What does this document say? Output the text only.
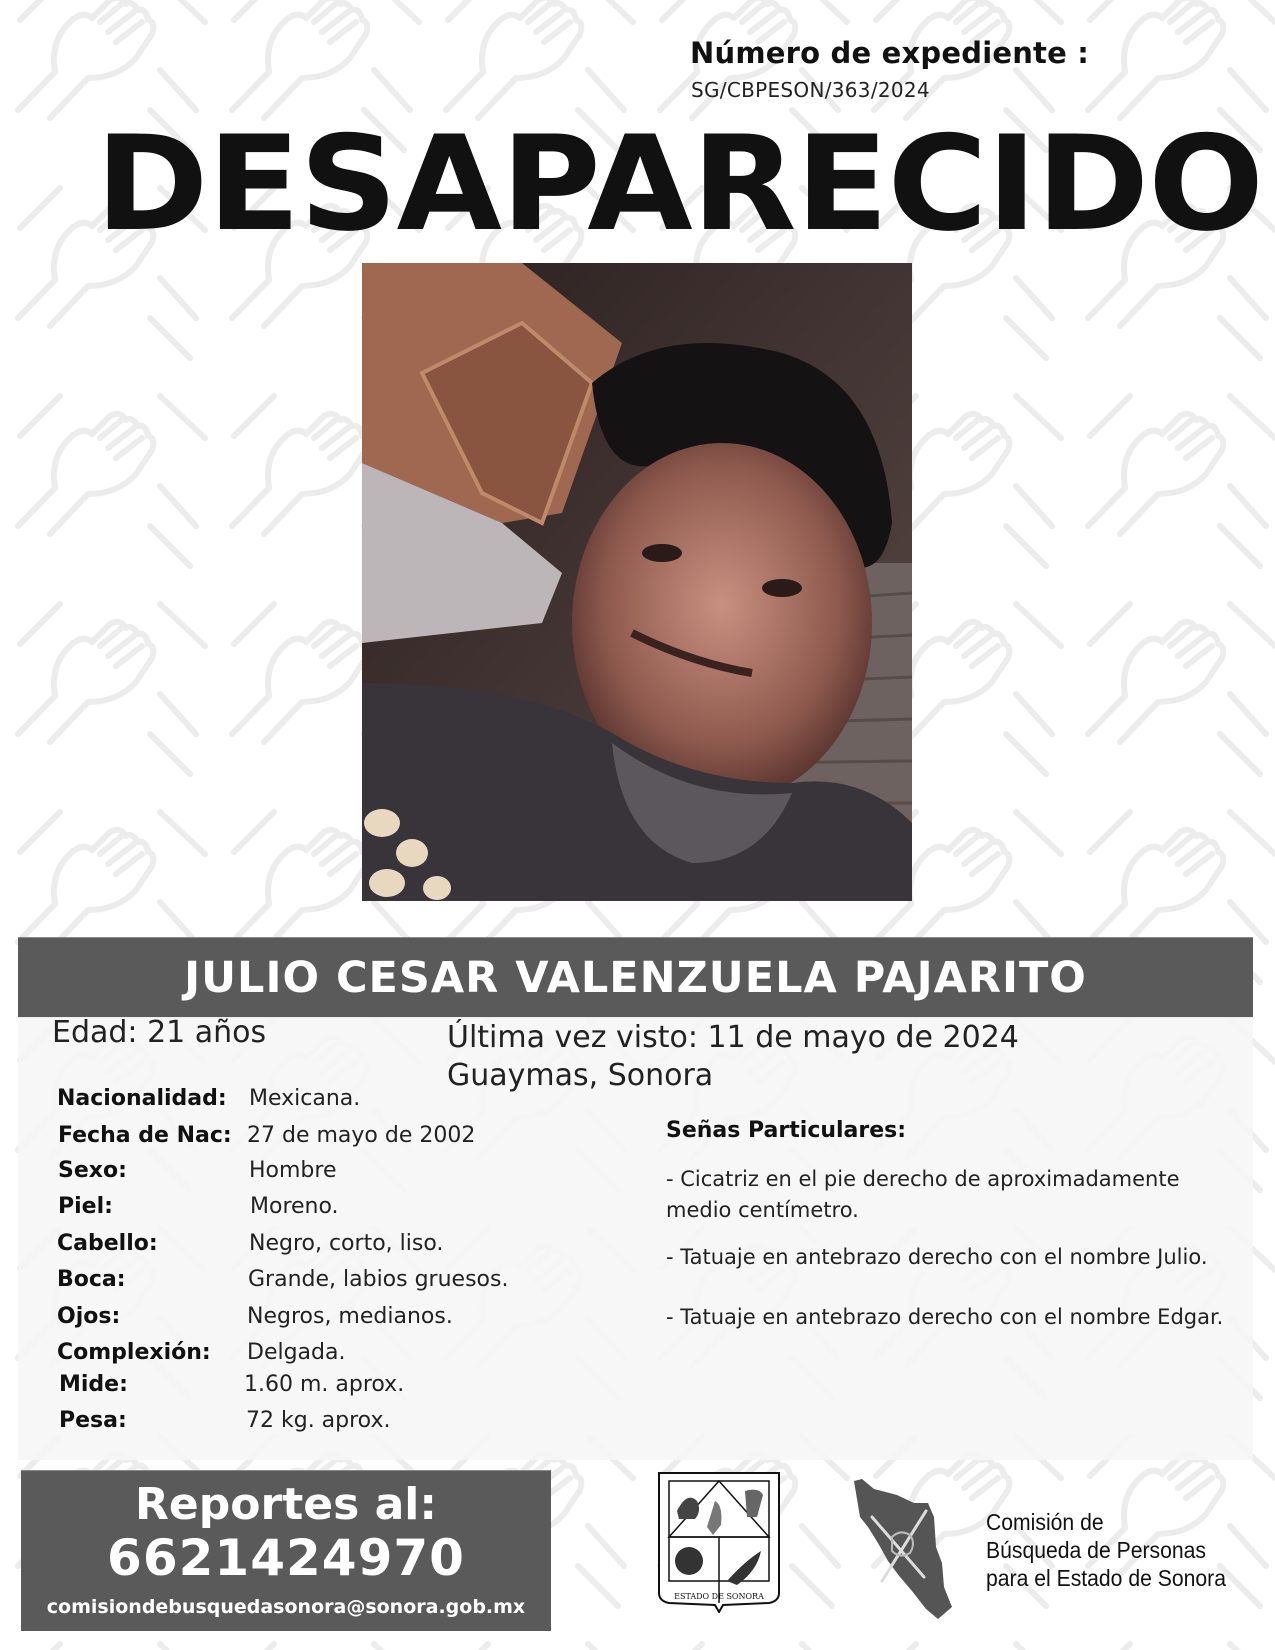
Número de expediente :
SG/CBPESON/363/2024
DESAPARECIDO
JULIO CESAR VALENZUELA PAJARITO
Edad: 21 años	Última vez visto: 11 de mayo de 2024
Guaymas, Sonora
Nacionalidad: Mexicana.
Fecha de Nac: 27 de mayo de 2002
Sexo:	Hombre
Piel:	Moreno.
Cabello:	Negro, corto, liso.
Boca:	Grande, labios gruesos.
Ojos:	Negros, medianos.
Complexión: Delgada.
Mide:	1.60 m. aprox.
Pesa:	72 kg. aprox.
Señas Particulares:
- Cicatriz en el pie derecho de aproximadamente medio centímetro.
- Tatuaje en antebrazo derecho con el nombre Julio.
- Tatuaje en antebrazo derecho con el nombre Edgar.
Reportes al:
6621424970
comisiondebusquedasonora@sonora.gob.mx	ESTADO DE SONORA
Comisión de
Búsqueda de Personas
para el Estado de Sonora
